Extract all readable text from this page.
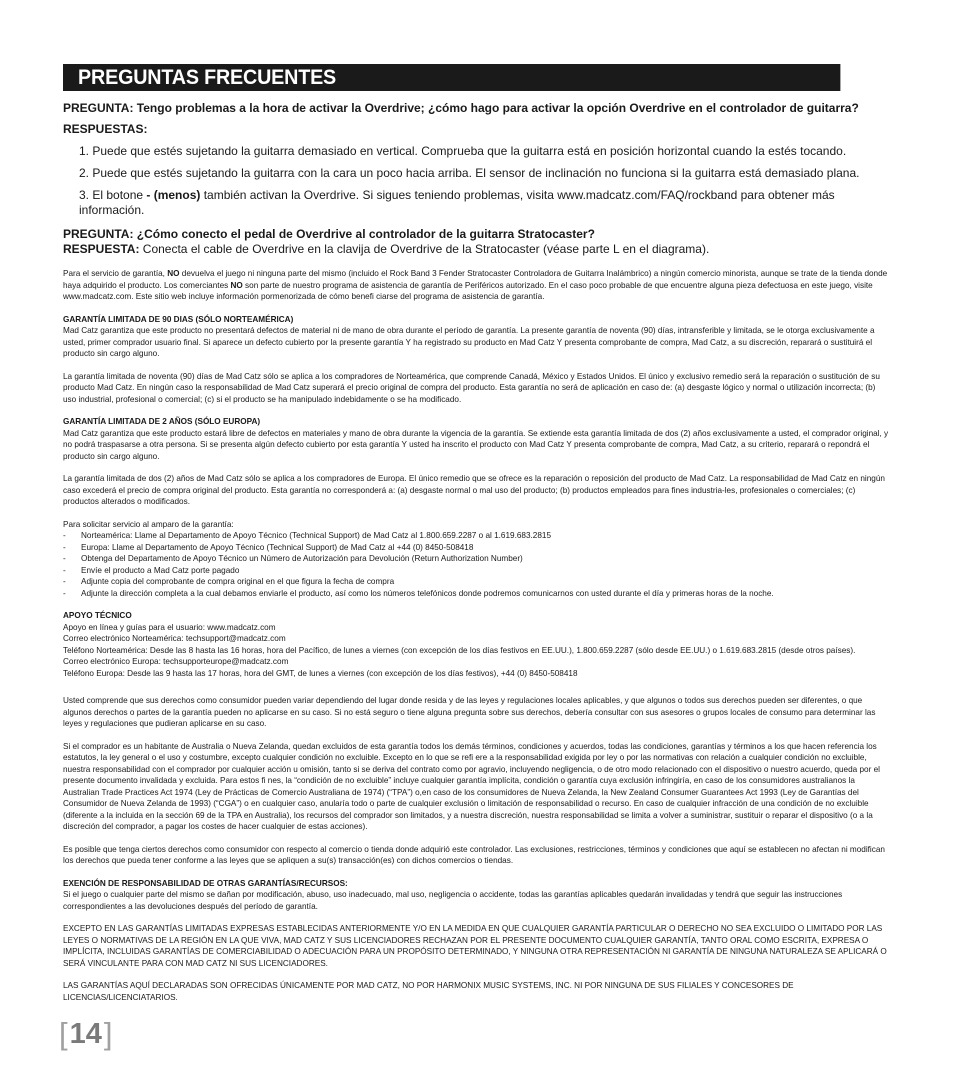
PREGUNTAS FRECUENTES
PREGUNTA: Tengo problemas a la hora de activar la Overdrive; ¿cómo hago para activar la opción Overdrive en el controlador de guitarra?
RESPUESTAS:
1. Puede que estés sujetando la guitarra demasiado en vertical. Comprueba que la guitarra está en posición horizontal cuando la estés tocando.
2. Puede que estés sujetando la guitarra con la cara un poco hacia arriba. El sensor de inclinación no funciona si la guitarra está demasiado plana.
3. El botone - (menos) también activan la Overdrive. Si sigues teniendo problemas, visita www.madcatz.com/FAQ/rockband para obtener más información.
PREGUNTA: ¿Cómo conecto el pedal de Overdrive al controlador de la guitarra Stratocaster?
RESPUESTA: Conecta el cable de Overdrive en la clavija de Overdrive de la Stratocaster (véase parte L en el diagrama).
Para el servicio de garantía, NO devuelva el juego ni ninguna parte del mismo (incluido el Rock Band 3 Fender Stratocaster Controladora de Guitarra Inalámbrico) a ningún comercio minorista, aunque se trate de la tienda donde haya adquirido el producto. Los comerciantes NO son parte de nuestro programa de asistencia de garantía de Periféricos autorizado. En el caso poco probable de que encuentre alguna pieza defectuosa en este juego, visite www.madcatz.com. Este sitio web incluye información pormenorizada de cómo benefi ciarse del programa de asistencia de garantía.
GARANTÍA LIMITADA DE 90 DIAS (SÓLO NORTEAMÉRICA)
Mad Catz garantiza que este producto no presentará defectos de material ni de mano de obra durante el período de garantía. La presente garantía de noventa (90) días, intransferible y limitada, se le otorga exclusivamente a usted, primer comprador usuario final. Si aparece un defecto cubierto por la presente garantía Y ha registrado su producto en Mad Catz Y presenta comprobante de compra, Mad Catz, a su discreción, reparará o sustituirá el producto sin cargo alguno.
La garantía limitada de noventa (90) días de Mad Catz sólo se aplica a los compradores de Norteamérica, que comprende Canadá, México y Estados Unidos. El único y exclusivo remedio será la reparación o sustitución de su producto Mad Catz. En ningún caso la responsabilidad de Mad Catz superará el precio original de compra del producto. Esta garantía no será de aplicación en caso de: (a) desgaste lógico y normal o utilización incorrecta; (b) uso industrial, profesional o comercial; (c) si el producto se ha manipulado indebidamente o se ha modificado.
GARANTÍA LIMITADA DE 2 AÑOS (SÓLO EUROPA)
Mad Catz garantiza que este producto estará libre de defectos en materiales y mano de obra durante la vigencia de la garantía. Se extiende esta garantía limitada de dos (2) años exclusivamente a usted, el comprador original, y no podrá traspasarse a otra persona. Si se presenta algún defecto cubierto por esta garantía Y usted ha inscrito el producto con Mad Catz Y presenta comprobante de compra, Mad Catz, a su criterio, reparará o repondrá el producto sin cargo alguno.
La garantía limitada de dos (2) años de Mad Catz sólo se aplica a los compradores de Europa. El único remedio que se ofrece es la reparación o reposición del producto de Mad Catz. La responsabilidad de Mad Catz en ningún caso excederá el precio de compra original del producto. Esta garantía no corresponderá a: (a) desgaste normal o mal uso del producto; (b) productos empleados para fines industria-les, profesionales o comerciales; (c) productos alterados o modificados.
Para solicitar servicio al amparo de la garantía:
-	Norteamérica: Llame al Departamento de Apoyo Técnico (Technical Support) de Mad Catz al 1.800.659.2287 o al 1.619.683.2815
-	Europa: Llame al Departamento de Apoyo Técnico (Technical Support) de Mad Catz al +44 (0) 8450-508418
-	Obtenga del Departamento de Apoyo Técnico un Número de Autorización para Devolución (Return Authorization Number)
-	Envíe el producto a Mad Catz porte pagado
-	Adjunte copia del comprobante de compra original en el que figura la fecha de compra
-	Adjunte la dirección completa a la cual debamos enviarle el producto, así como los números telefónicos donde podremos comunicarnos con usted durante el día y primeras horas de la noche.
APOYO TÉCNICO
Apoyo en línea y guías para el usuario: www.madcatz.com
Correo electrónico Norteamérica: techsupport@madcatz.com
Teléfono Norteamérica: Desde las 8 hasta las 16 horas, hora del Pacífico, de lunes a viernes (con excepción de los días festivos en EE.UU.), 1.800.659.2287 (sólo desde EE.UU.) o 1.619.683.2815 (desde otros países).
Correo electrónico Europa: techsupporteurope@madcatz.com
Teléfono Europa: Desde las 9 hasta las 17 horas, hora del GMT, de lunes a viernes (con excepción de los días festivos), +44 (0) 8450-508418
Usted comprende que sus derechos como consumidor pueden variar dependiendo del lugar donde resida y de las leyes y regulaciones locales aplicables, y que algunos o todos sus derechos pueden ser diferentes, o que algunos derechos o partes de la garantía pueden no aplicarse en su caso. Si no está seguro o tiene alguna pregunta sobre sus derechos, debería consultar con sus asesores o grupos locales de consumo para determinar las leyes y regulaciones que pudieran aplicarse en su caso.
Si el comprador es un habitante de Australia o Nueva Zelanda, quedan excluidos de esta garantía todos los demás términos, condiciones y acuerdos, todas las condiciones, garantías y términos a los que hacen referencia los estatutos, la ley general o el uso y costumbre, excepto cualquier condición no excluible. Excepto en lo que se refi ere a la responsabilidad exigida por ley o por las normativas con relación a cualquier condición no excluible, nuestra responsabilidad con el comprador por cualquier acción u omisión, tanto si se deriva del contrato como por agravio, incluyendo negligencia, o de otro modo relacionado con el dispositivo o nuestro acuerdo, queda por el presente documento invalidada y excluida. Para estos fi nes, la “condición de no excluible” incluye cualquier garantía implícita, condición o garantía cuya exclusión infringiría, en caso de los consumidores australianos la Australian Trade Practices Act 1974 (Ley de Prácticas de Comercio Australiana de 1974) (“TPA”) o,en caso de los consumidores de Nueva Zelanda, la New Zealand Consumer Guarantees Act 1993 (Ley de Garantías del Consumidor de Nueva Zelanda de 1993) (“CGA”) o en cualquier caso, anularía todo o parte de cualquier exclusión o limitación de responsabilidad o recurso. En caso de cualquier infracción de una condición de no excluible (diferente a la incluida en la sección 69 de la TPA en Australia), los recursos del comprador son limitados, y a nuestra discreción, nuestra responsabilidad se limita a volver a suministrar, sustituir o reparar el dispositivo (o a la discreción del comprador, a pagar los costes de hacer cualquier de estas acciones).
Es posible que tenga ciertos derechos como consumidor con respecto al comercio o tienda donde adquirió este controlador. Las exclusiones, restricciones, términos y condiciones que aquí se establecen no afectan ni modifican los derechos que pueda tener conforme a las leyes que se apliquen a su(s) transacción(es) con dichos comercios o tiendas.
EXENCIÓN DE RESPONSABILIDAD DE OTRAS GARANTÍAS/RECURSOS:
Si el juego o cualquier parte del mismo se dañan por modificación, abuso, uso inadecuado, mal uso, negligencia o accidente, todas las garantías aplicables quedarán invalidadas y tendrá que seguir las instrucciones correspondientes a las devoluciones después del período de garantía.
EXCEPTO EN LAS GARANTÍAS LIMITADAS EXPRESAS ESTABLECIDAS ANTERIORMENTE Y/O EN LA MEDIDA EN QUE CUALQUIER GARANTÍA PARTICULAR O DERECHO NO SEA EXCLUIDO O LIMITADO POR LAS LEYES O NORMATIVAS DE LA REGIÓN EN LA QUE VIVA, MAD CATZ Y SUS LICENCIADORES RECHAZAN POR EL PRESENTE DOCUMENTO CUALQUIER GARANTÍA, TANTO ORAL COMO ESCRITA, EXPRESA O IMPLÍCITA, INCLUIDAS GARANTÍAS DE COMERCIABILIDAD O ADECUACIÓN PARA UN PROPÓSITO DETERMINADO, Y NINGUNA OTRA REPRESENTACIÓN NI GARANTÍA DE NINGUNA NATURALEZA SE APLICARÁ O SERÁ VINCULANTE PARA CON MAD CATZ NI SUS LICENCIADORES.
LAS GARANTÍAS AQUÍ DECLARADAS SON OFRECIDAS ÚNICAMENTE POR MAD CATZ, NO POR HARMONIX MUSIC SYSTEMS, INC. NI POR NINGUNA DE SUS FILIALES Y CONCESORES DE LICENCIAS/LICENCIATARIOS.
[ 14 ]
